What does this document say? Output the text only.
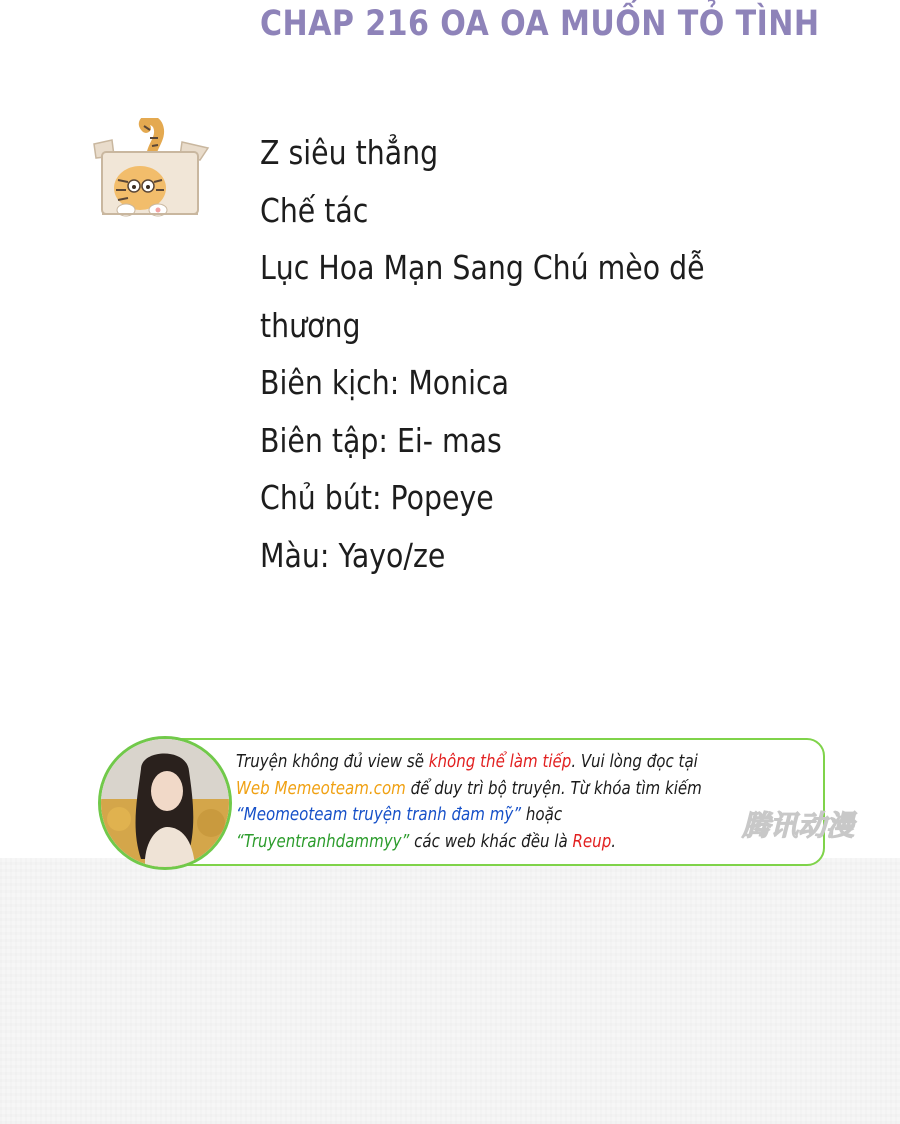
CHAP 216 OA OA MUỐN TỎ TÌNH
Z siêu thẳng
Chế tác
Lục Hoa Mạn Sang Chú mèo dễ thương
Biên kịch: Monica
Biên tập: Ei- mas
Chủ bút: Popeye
Màu: Yayo/ze
Truyện không đủ view sẽ không thể làm tiếp. Vui lòng đọc tại
Web Memeoteam.com để duy trì bộ truyện. Từ khóa tìm kiếm
“Meomeoteam truyện tranh đam mỹ” hoặc
“Truyentranhdammyy” các web khác đều là Reup.	腾讯动漫
